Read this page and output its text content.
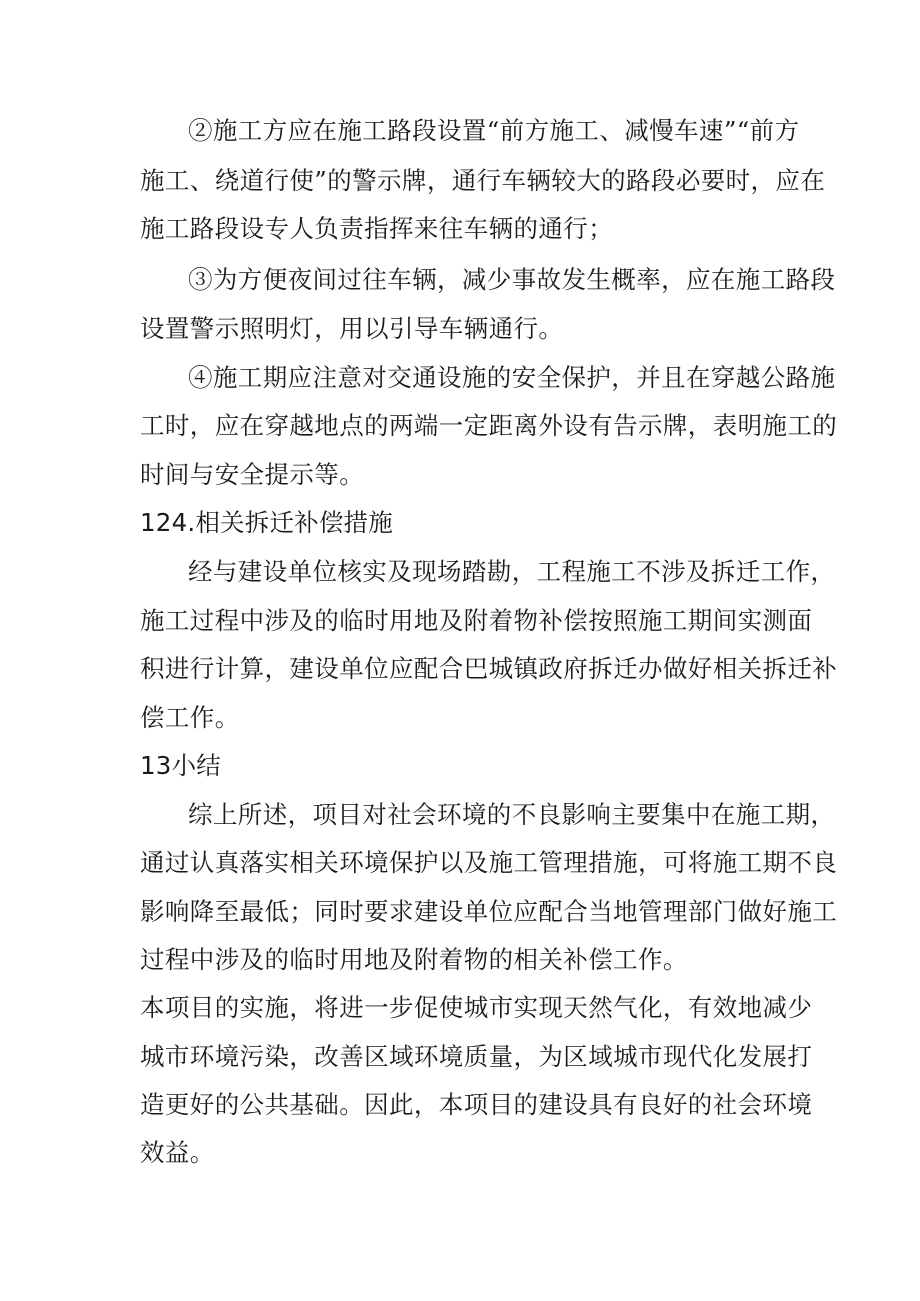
②施工方应在施工路段设置“前方施工、减慢车速”“前方
施工、绕道行使”的警示牌，通行车辆较大的路段必要时，应在
施工路段设专人负责指挥来往车辆的通行；
③为方便夜间过往车辆，减少事故发生概率，应在施工路段
设置警示照明灯，用以引导车辆通行。
④施工期应注意对交通设施的安全保护，并且在穿越公路施
工时，应在穿越地点的两端一定距离外设有告示牌，表明施工的
时间与安全提示等。
124.相关拆迁补偿措施
经与建设单位核实及现场踏勘，工程施工不涉及拆迁工作，
施工过程中涉及的临时用地及附着物补偿按照施工期间实测面
积进行计算，建设单位应配合巴城镇政府拆迁办做好相关拆迁补
偿工作。
13小结
综上所述，项目对社会环境的不良影响主要集中在施工期，
通过认真落实相关环境保护以及施工管理措施，可将施工期不良
影响降至最低；同时要求建设单位应配合当地管理部门做好施工
过程中涉及的临时用地及附着物的相关补偿工作。
本项目的实施，将进一步促使城市实现天然气化，有效地减少
城市环境污染，改善区域环境质量，为区域城市现代化发展打
造更好的公共基础。因此，本项目的建设具有良好的社会环境
效益。
